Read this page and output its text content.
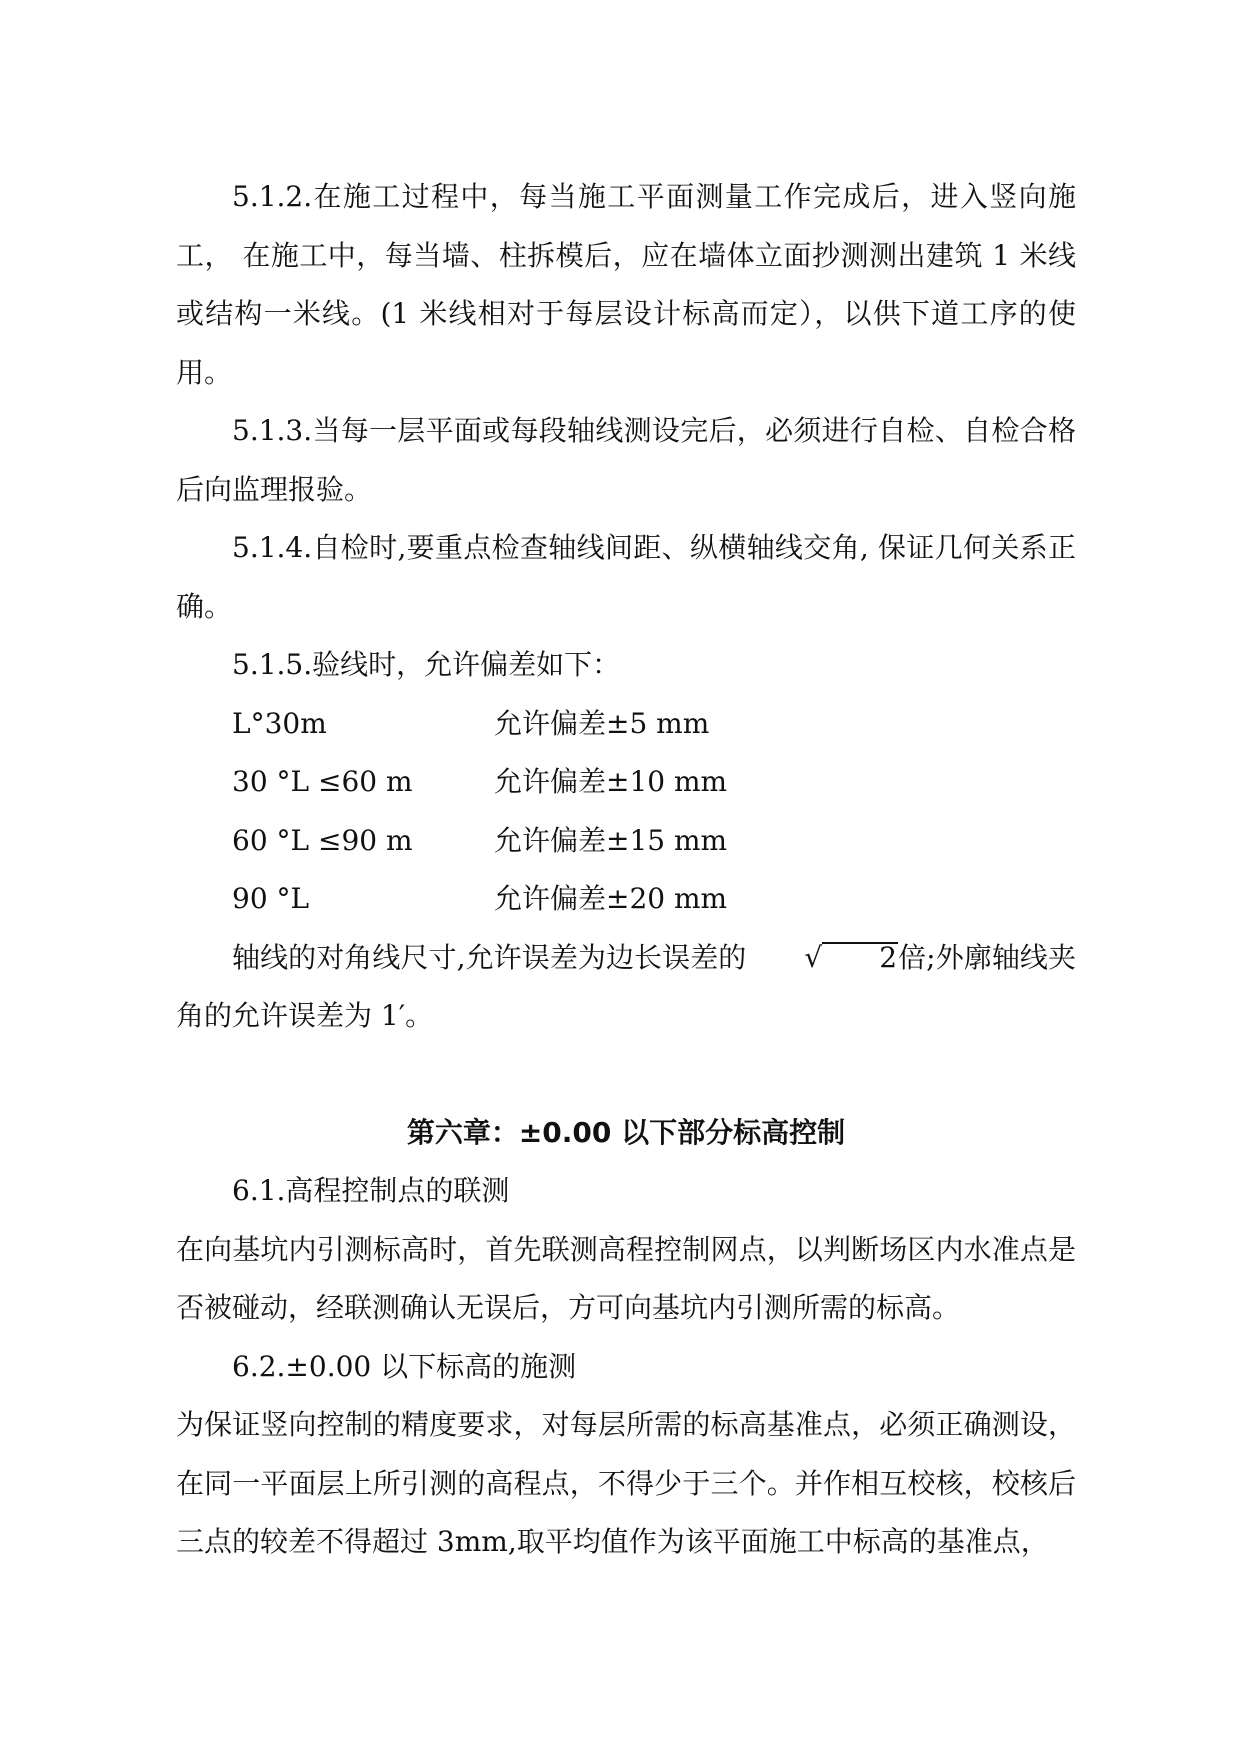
5.1.2.在施工过程中，每当施工平面测量工作完成后，进入竖向施工， 在施工中，每当墙、柱拆模后，应在墙体立面抄测测出建筑 1 米线或结构一米线。(1 米线相对于每层设计标高而定），以供下道工序的使用。

5.1.3.当每一层平面或每段轴线测设完后，必须进行自检、自检合格后向监理报验。

5.1.4.自检时,要重点检查轴线间距、纵横轴线交角, 保证几何关系正确。

5.1.5.验线时，允许偏差如下：

L°30m	允许偏差±5 mm
30 °L ≤60 m	允许偏差±10 mm
60 °L ≤90 m	允许偏差±15 mm
90 °L	允许偏差±20 mm

轴线的对角线尺寸,允许误差为边长误差的 √ 2倍;外廓轴线夹角的允许误差为 1′。

第六章：±0.00 以下部分标高控制

6.1.高程控制点的联测

在向基坑内引测标高时，首先联测高程控制网点，以判断场区内水准点是否被碰动，经联测确认无误后，方可向基坑内引测所需的标高。

6.2.±0.00 以下标高的施测

为保证竖向控制的精度要求，对每层所需的标高基准点，必须正确测设，在同一平面层上所引测的高程点，不得少于三个。并作相互校核，校核后三点的较差不得超过 3mm,取平均值作为该平面施工中标高的基准点，
